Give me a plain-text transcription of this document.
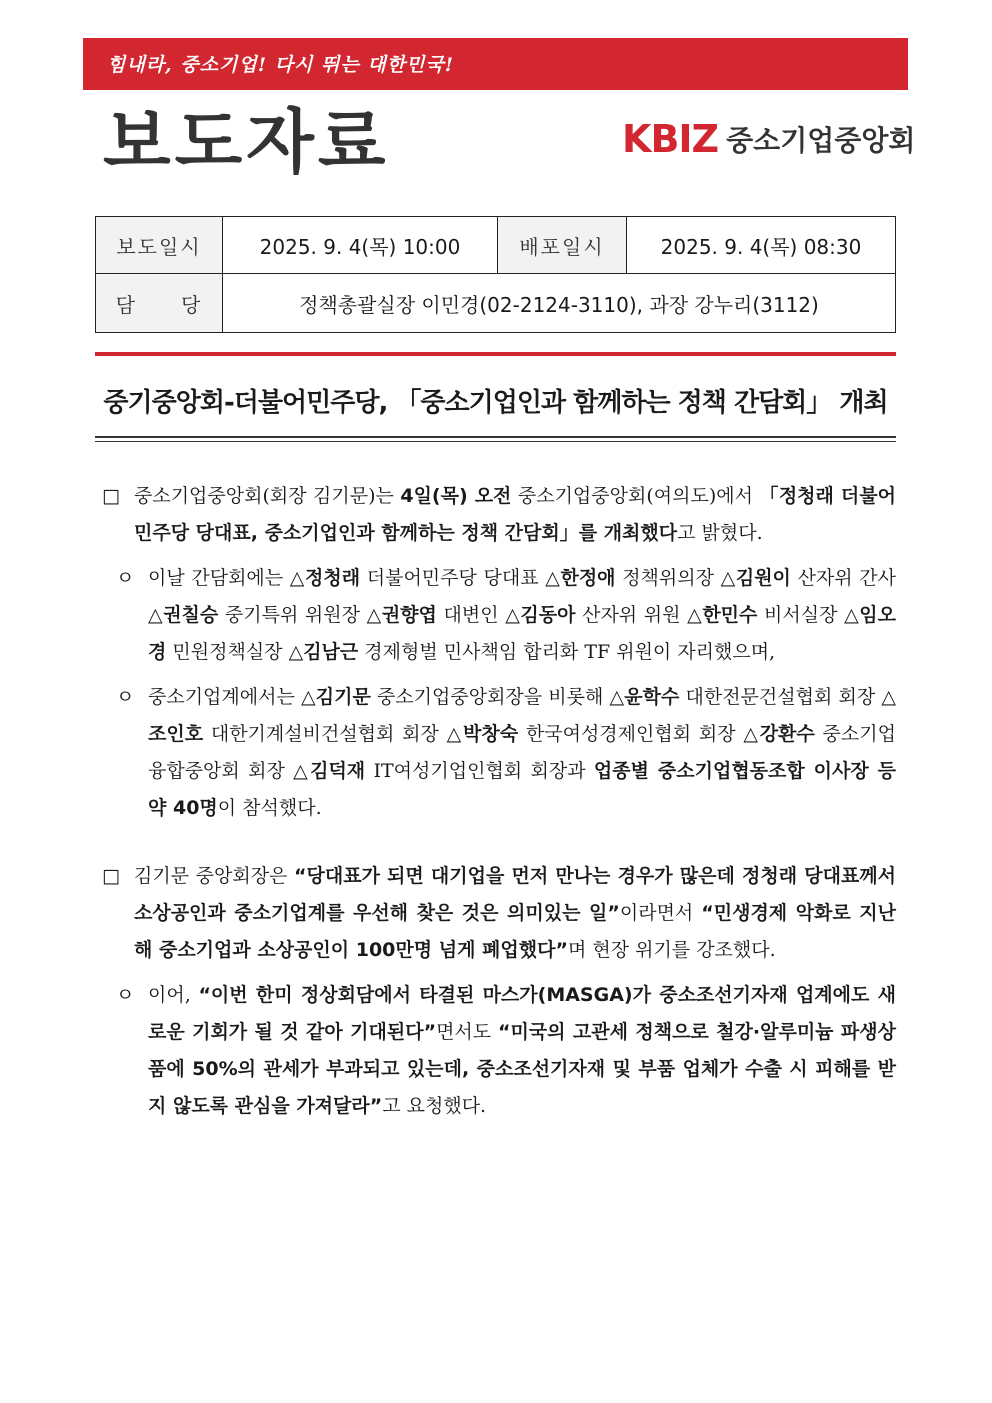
힘내라, 중소기업! 다시 뛰는 대한민국!
보도자료	KBIZ 중소기업중앙회
보도일시	2025. 9. 4(목) 10:00	배포일시	2025. 9. 4(목) 08:30
담　　당	정책총괄실장 이민경(02-2124-3110), 과장 강누리(3112)		
중기중앙회-더불어민주당, 「중소기업인과 함께하는 정책 간담회」 개최

□ 중소기업중앙회(회장 김기문)는 4일(목) 오전 중소기업중앙회(여의도)에서 「정청래 더불어민주당 당대표, 중소기업인과 함께하는 정책 간담회」를 개최했다고 밝혔다.

ㅇ 이날 간담회에는 △정청래 더불어민주당 당대표 △한정애 정책위의장 △김원이 산자위 간사 △권칠승 중기특위 위원장 △권향엽 대변인 △김동아 산자위 위원 △한민수 비서실장 △임오경 민원정책실장 △김남근 경제형벌 민사책임 합리화 TF 위원이 자리했으며,

ㅇ 중소기업계에서는 △김기문 중소기업중앙회장을 비롯해 △윤학수 대한전문건설협회 회장 △조인호 대한기계설비건설협회 회장 △박창숙 한국여성경제인협회 회장 △강환수 중소기업융합중앙회 회장 △김덕재 IT여성기업인협회 회장과 업종별 중소기업협동조합 이사장 등 약 40명이 참석했다.

□ 김기문 중앙회장은 “당대표가 되면 대기업을 먼저 만나는 경우가 많은데 정청래 당대표께서 소상공인과 중소기업계를 우선해 찾은 것은 의미있는 일”이라면서 “민생경제 악화로 지난해 중소기업과 소상공인이 100만명 넘게 폐업했다”며 현장 위기를 강조했다.

ㅇ 이어, “이번 한미 정상회담에서 타결된 마스가(MASGA)가 중소조선기자재 업계에도 새로운 기회가 될 것 같아 기대된다”면서도 “미국의 고관세 정책으로 철강·알루미늄 파생상품에 50%의 관세가 부과되고 있는데, 중소조선기자재 및 부품 업체가 수출 시 피해를 받지 않도록 관심을 가져달라”고 요청했다.
